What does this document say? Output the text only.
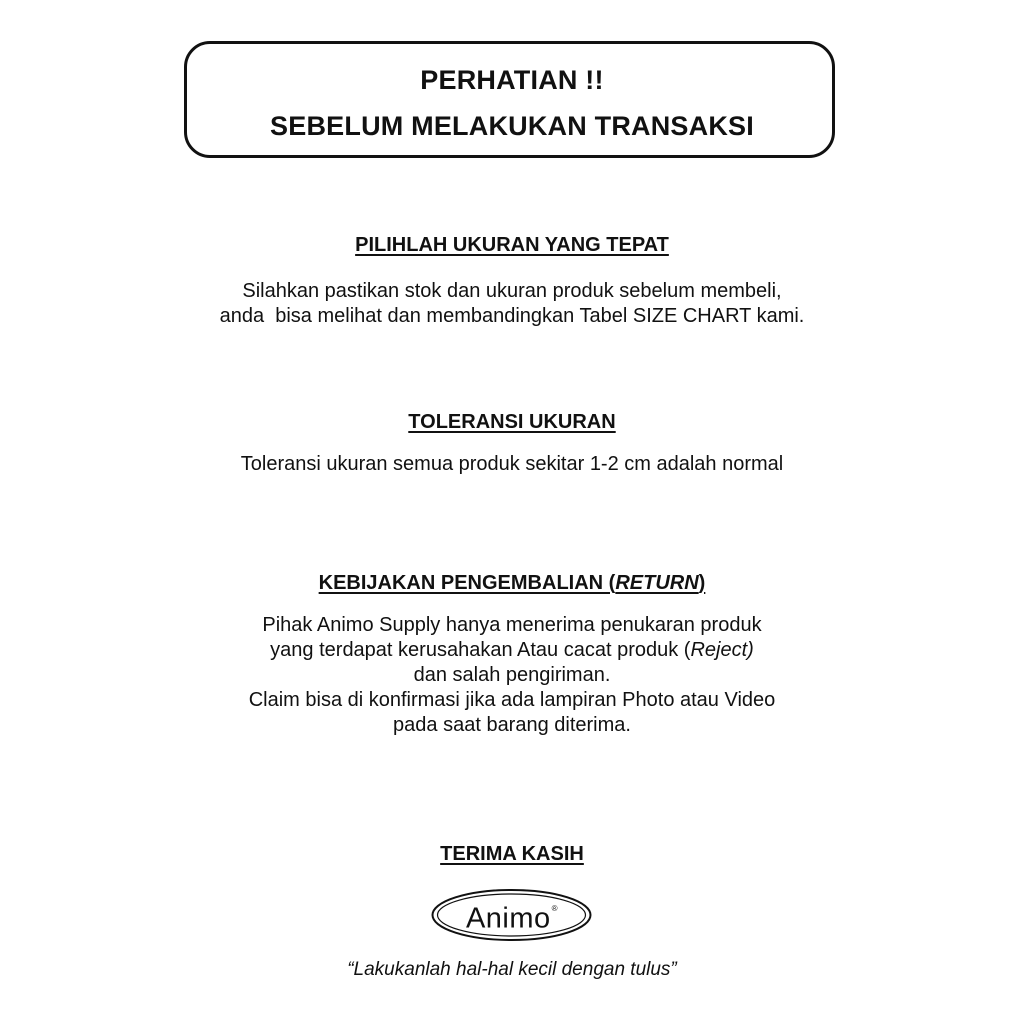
PERHATIAN !!
SEBELUM MELAKUKAN TRANSAKSI
PILIHLAH UKURAN YANG TEPAT
Silahkan pastikan stok dan ukuran produk sebelum membeli,
anda  bisa melihat dan membandingkan Tabel SIZE CHART kami.
TOLERANSI UKURAN
Toleransi ukuran semua produk sekitar 1-2 cm adalah normal
KEBIJAKAN PENGEMBALIAN (RETURN)
Pihak Animo Supply hanya menerima penukaran produk
yang terdapat kerusahakan Atau cacat produk (Reject)
dan salah pengiriman.
Claim bisa di konfirmasi jika ada lampiran Photo atau Video
pada saat barang diterima.
TERIMA KASIH
Animo®
“Lakukanlah hal-hal kecil dengan tulus”
